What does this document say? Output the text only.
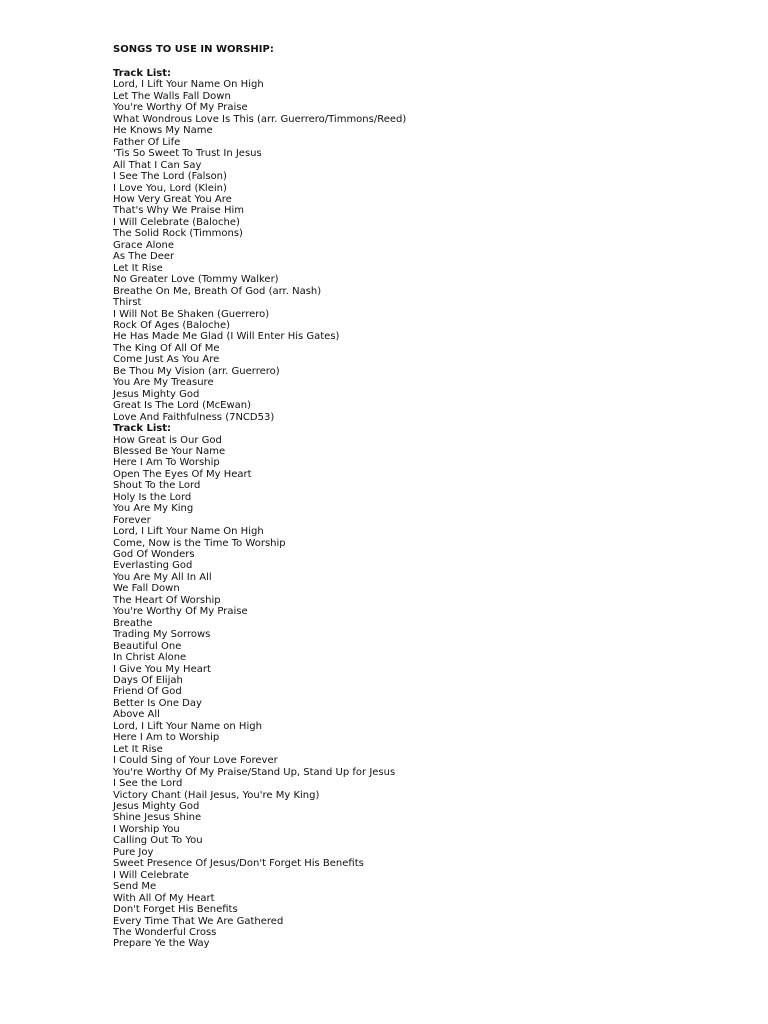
SONGS TO USE IN WORSHIP:
Track List:
Lord, I Lift Your Name On High
Let The Walls Fall Down
You're Worthy Of My Praise
What Wondrous Love Is This (arr. Guerrero/Timmons/Reed)
He Knows My Name
Father Of Life
'Tis So Sweet To Trust In Jesus
All That I Can Say
I See The Lord (Falson)
I Love You, Lord (Klein)
How Very Great You Are
That's Why We Praise Him
I Will Celebrate (Baloche)
The Solid Rock (Timmons)
Grace Alone
As The Deer
Let It Rise
No Greater Love (Tommy Walker)
Breathe On Me, Breath Of God (arr. Nash)
Thirst
I Will Not Be Shaken (Guerrero)
Rock Of Ages (Baloche)
He Has Made Me Glad (I Will Enter His Gates)
The King Of All Of Me
Come Just As You Are
Be Thou My Vision (arr. Guerrero)
You Are My Treasure
Jesus Mighty God
Great Is The Lord (McEwan)
Love And Faithfulness (7NCD53)
Track List:
How Great is Our God
Blessed Be Your Name
Here I Am To Worship
Open The Eyes Of My Heart
Shout To the Lord
Holy Is the Lord
You Are My King
Forever
Lord, I Lift Your Name On High
Come, Now is the Time To Worship
God Of Wonders
Everlasting God
You Are My All In All
We Fall Down
The Heart Of Worship
You're Worthy Of My Praise
Breathe
Trading My Sorrows
Beautiful One
In Christ Alone
I Give You My Heart
Days Of Elijah
Friend Of God
Better Is One Day
Above All
Lord, I Lift Your Name on High
Here I Am to Worship
Let It Rise
I Could Sing of Your Love Forever
You're Worthy Of My Praise/Stand Up, Stand Up for Jesus
I See the Lord
Victory Chant (Hail Jesus, You're My King)
Jesus Mighty God
Shine Jesus Shine
I Worship You
Calling Out To You
Pure Joy
Sweet Presence Of Jesus/Don't Forget His Benefits
I Will Celebrate
Send Me
With All Of My Heart
Don't Forget His Benefits
Every Time That We Are Gathered
The Wonderful Cross
Prepare Ye the Way
